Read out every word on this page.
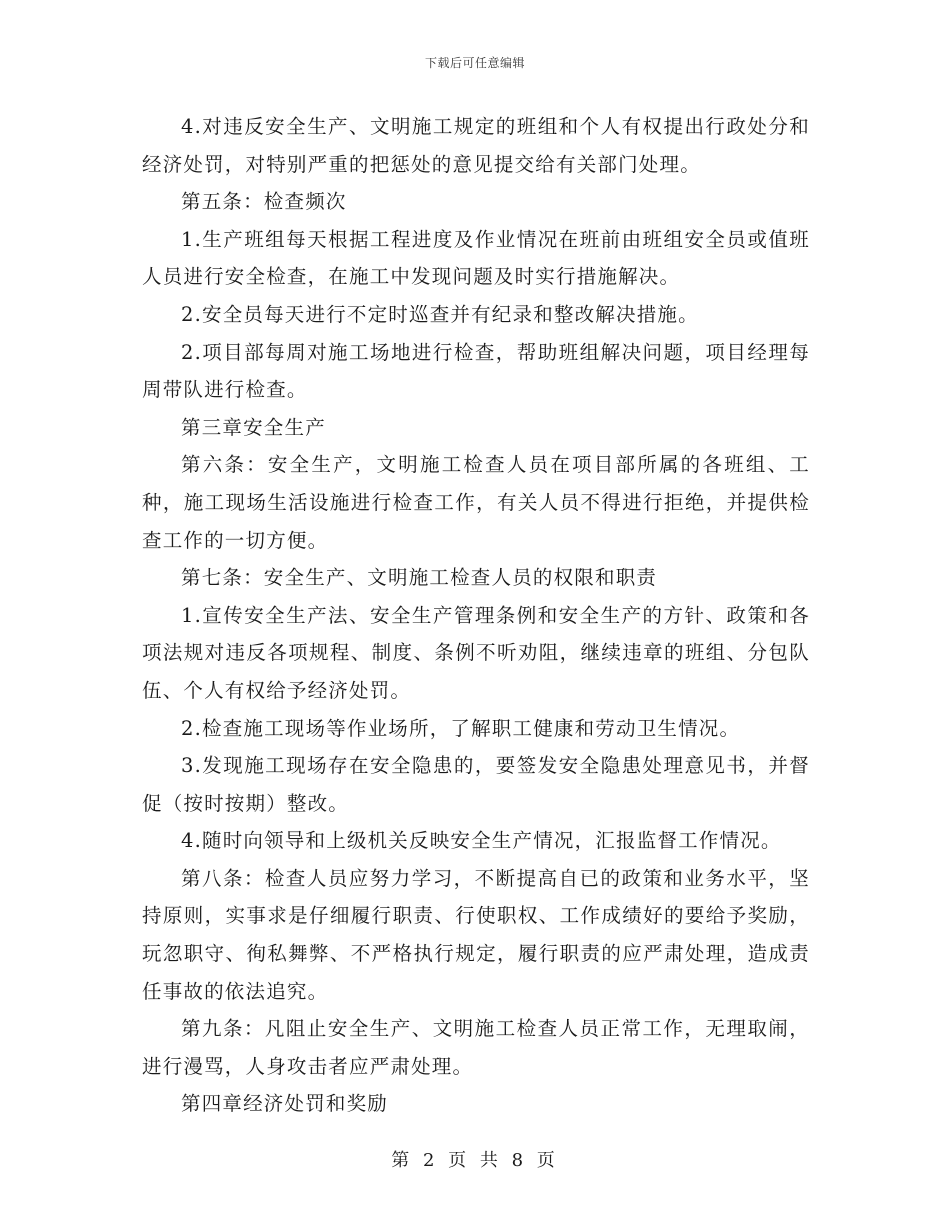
下载后可任意编辑

4.对违反安全生产、文明施工规定的班组和个人有权提出行政处分和经济处罚，对特别严重的把惩处的意见提交给有关部门处理。

第五条：检查频次

1.生产班组每天根据工程进度及作业情况在班前由班组安全员或值班人员进行安全检查，在施工中发现问题及时实行措施解决。

2.安全员每天进行不定时巡查并有纪录和整改解决措施。

2.项目部每周对施工场地进行检查，帮助班组解决问题，项目经理每周带队进行检查。

第三章安全生产

第六条：安全生产，文明施工检查人员在项目部所属的各班组、工种，施工现场生活设施进行检查工作，有关人员不得进行拒绝，并提供检查工作的一切方便。

第七条：安全生产、文明施工检查人员的权限和职责

1.宣传安全生产法、安全生产管理条例和安全生产的方针、政策和各项法规对违反各项规程、制度、条例不听劝阻，继续违章的班组、分包队伍、个人有权给予经济处罚。

2.检查施工现场等作业场所，了解职工健康和劳动卫生情况。

3.发现施工现场存在安全隐患的，要签发安全隐患处理意见书，并督促（按时按期）整改。

4.随时向领导和上级机关反映安全生产情况，汇报监督工作情况。

第八条：检查人员应努力学习，不断提高自已的政策和业务水平，坚持原则，实事求是仔细履行职责、行使职权、工作成绩好的要给予奖励，玩忽职守、徇私舞弊、不严格执行规定，履行职责的应严肃处理，造成责任事故的依法追究。

第九条：凡阻止安全生产、文明施工检查人员正常工作，无理取闹，进行漫骂，人身攻击者应严肃处理。

第四章经济处罚和奖励

第 2 页 共 8 页
